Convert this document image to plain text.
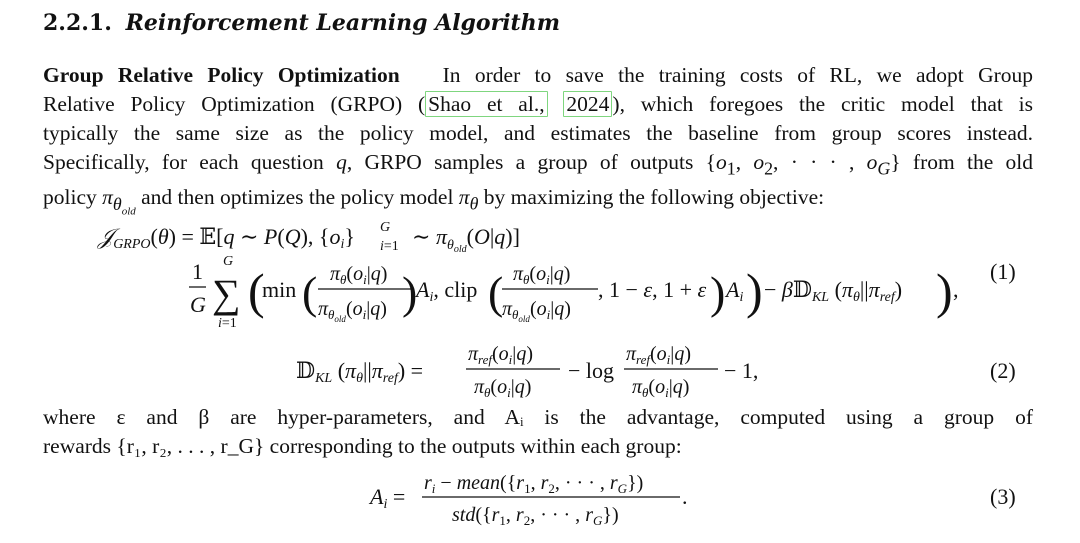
2.2.1. Reinforcement Learning Algorithm
Group Relative Policy Optimization In order to save the training costs of RL, we adopt Group
Relative Policy Optimization (GRPO) ( Shao et al., 2024 ), which foregoes the critic model that is
typically the same size as the policy model, and estimates the baseline from group scores instead.
Specifically, for each question q, GRPO samples a group of outputs {$o_1$, $o_2$, · · · , $o_G$} from the old
policy $\pi_{\theta_{old}}$ and then optimizes the policy model $\pi_\theta$ by maximizing the following objective:
𝒥GRPO(θ) = 𝔼[q ∼ P(Q), {oi} G
i=1 ∼ $\pi_\theta old(O|q)$]
1
G
G
∑
i=1
(
min ( $\pi_\theta(o_i|q)$
$\pi_\theta old(o_i|q)$ )
Ai, clip ( $\pi_\theta(o_i|q)$
$\pi_\theta old(o_i|q)$
, 1 − ε, 1 + ε ) Ai ) − β𝔻KL (πθ||πref) ) ,
(1)
𝔻KL (πθ||πref) =
$\pi_{ref}(o_i|q)$
$\pi_\theta(o_i|q)$
− log
$\pi_{ref}(o_i|q)$
$\pi_\theta(o_i|q)$
− 1,	(2)
Ai =
$r_i$ − $mean(\{r_1$, $r_2$, · · · , $r_G$})
$std(\{r_1$, $r_2$, · · · , $r_G$})
.	(3)
where ε and β are hyper-parameters, and Aᵢ is the advantage, computed using a group of
rewards {r₁, r₂, . . . , r_G} corresponding to the outputs within each group:
